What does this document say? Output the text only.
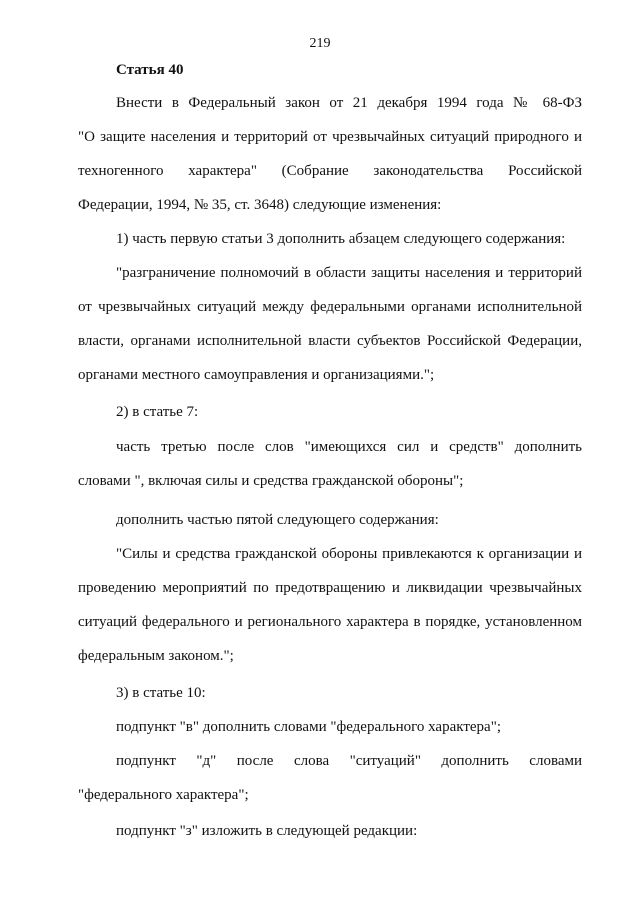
219
Статья 40
Внести в Федеральный закон от 21 декабря 1994 года № 68-ФЗ
"О защите населения и территорий от чрезвычайных ситуаций природного и
техногенного характера" (Собрание законодательства Российской
Федерации, 1994, № 35, ст. 3648) следующие изменения:
1) часть первую статьи 3 дополнить абзацем следующего содержания:
"разграничение полномочий в области защиты населения и территорий
от чрезвычайных ситуаций между федеральными органами исполнительной
власти, органами исполнительной власти субъектов Российской Федерации,
органами местного самоуправления и организациями.";
2) в статье 7:
часть третью после слов "имеющихся сил и средств" дополнить
словами ", включая силы и средства гражданской обороны";
дополнить частью пятой следующего содержания:
"Силы и средства гражданской обороны привлекаются к организации и
проведению мероприятий по предотвращению и ликвидации чрезвычайных
ситуаций федерального и регионального характера в порядке, установленном
федеральным законом.";
3) в статье 10:
подпункт "в" дополнить словами "федерального характера";
подпункт "д" после слова "ситуаций" дополнить словами
"федерального характера";
подпункт "з" изложить в следующей редакции:
